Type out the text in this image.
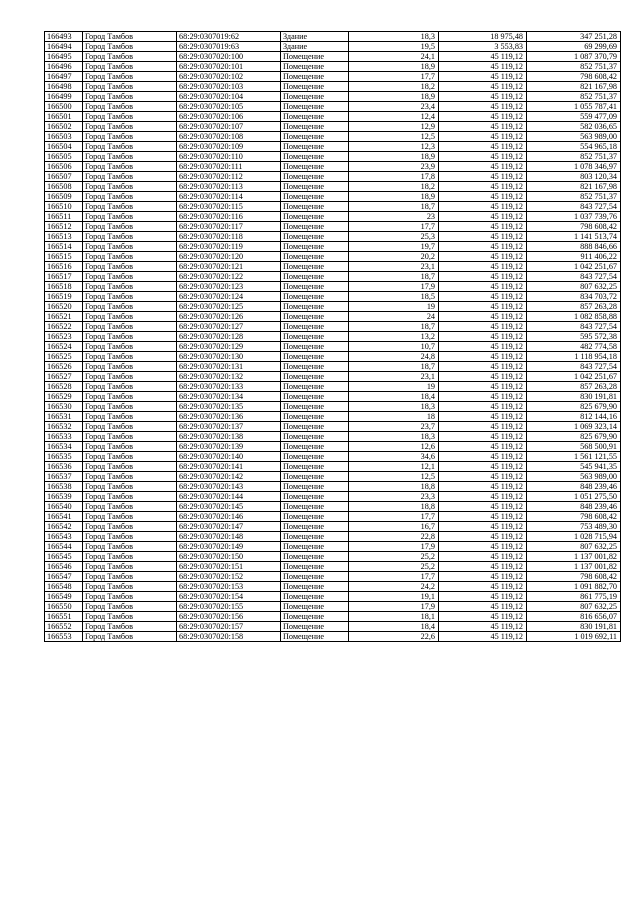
166493	Город Тамбов	68:29:0307019:62	Здание	18,3	18 975,48	347 251,28
166494	Город Тамбов	68:29:0307019:63	Здание	19,5	3 553,83	69 299,69
166495	Город Тамбов	68:29:0307020:100	Помещение	24,1	45 119,12	1 087 370,79
166496	Город Тамбов	68:29:0307020:101	Помещение	18,9	45 119,12	852 751,37
166497	Город Тамбов	68:29:0307020:102	Помещение	17,7	45 119,12	798 608,42
166498	Город Тамбов	68:29:0307020:103	Помещение	18,2	45 119,12	821 167,98
166499	Город Тамбов	68:29:0307020:104	Помещение	18,9	45 119,12	852 751,37
166500	Город Тамбов	68:29:0307020:105	Помещение	23,4	45 119,12	1 055 787,41
166501	Город Тамбов	68:29:0307020:106	Помещение	12,4	45 119,12	559 477,09
166502	Город Тамбов	68:29:0307020:107	Помещение	12,9	45 119,12	582 036,65
166503	Город Тамбов	68:29:0307020:108	Помещение	12,5	45 119,12	563 989,00
166504	Город Тамбов	68:29:0307020:109	Помещение	12,3	45 119,12	554 965,18
166505	Город Тамбов	68:29:0307020:110	Помещение	18,9	45 119,12	852 751,37
166506	Город Тамбов	68:29:0307020:111	Помещение	23,9	45 119,12	1 078 346,97
166507	Город Тамбов	68:29:0307020:112	Помещение	17,8	45 119,12	803 120,34
166508	Город Тамбов	68:29:0307020:113	Помещение	18,2	45 119,12	821 167,98
166509	Город Тамбов	68:29:0307020:114	Помещение	18,9	45 119,12	852 751,37
166510	Город Тамбов	68:29:0307020:115	Помещение	18,7	45 119,12	843 727,54
166511	Город Тамбов	68:29:0307020:116	Помещение	23	45 119,12	1 037 739,76
166512	Город Тамбов	68:29:0307020:117	Помещение	17,7	45 119,12	798 608,42
166513	Город Тамбов	68:29:0307020:118	Помещение	25,3	45 119,12	1 141 513,74
166514	Город Тамбов	68:29:0307020:119	Помещение	19,7	45 119,12	888 846,66
166515	Город Тамбов	68:29:0307020:120	Помещение	20,2	45 119,12	911 406,22
166516	Город Тамбов	68:29:0307020:121	Помещение	23,1	45 119,12	1 042 251,67
166517	Город Тамбов	68:29:0307020:122	Помещение	18,7	45 119,12	843 727,54
166518	Город Тамбов	68:29:0307020:123	Помещение	17,9	45 119,12	807 632,25
166519	Город Тамбов	68:29:0307020:124	Помещение	18,5	45 119,12	834 703,72
166520	Город Тамбов	68:29:0307020:125	Помещение	19	45 119,12	857 263,28
166521	Город Тамбов	68:29:0307020:126	Помещение	24	45 119,12	1 082 858,88
166522	Город Тамбов	68:29:0307020:127	Помещение	18,7	45 119,12	843 727,54
166523	Город Тамбов	68:29:0307020:128	Помещение	13,2	45 119,12	595 572,38
166524	Город Тамбов	68:29:0307020:129	Помещение	10,7	45 119,12	482 774,58
166525	Город Тамбов	68:29:0307020:130	Помещение	24,8	45 119,12	1 118 954,18
166526	Город Тамбов	68:29:0307020:131	Помещение	18,7	45 119,12	843 727,54
166527	Город Тамбов	68:29:0307020:132	Помещение	23,1	45 119,12	1 042 251,67
166528	Город Тамбов	68:29:0307020:133	Помещение	19	45 119,12	857 263,28
166529	Город Тамбов	68:29:0307020:134	Помещение	18,4	45 119,12	830 191,81
166530	Город Тамбов	68:29:0307020:135	Помещение	18,3	45 119,12	825 679,90
166531	Город Тамбов	68:29:0307020:136	Помещение	18	45 119,12	812 144,16
166532	Город Тамбов	68:29:0307020:137	Помещение	23,7	45 119,12	1 069 323,14
166533	Город Тамбов	68:29:0307020:138	Помещение	18,3	45 119,12	825 679,90
166534	Город Тамбов	68:29:0307020:139	Помещение	12,6	45 119,12	568 500,91
166535	Город Тамбов	68:29:0307020:140	Помещение	34,6	45 119,12	1 561 121,55
166536	Город Тамбов	68:29:0307020:141	Помещение	12,1	45 119,12	545 941,35
166537	Город Тамбов	68:29:0307020:142	Помещение	12,5	45 119,12	563 989,00
166538	Город Тамбов	68:29:0307020:143	Помещение	18,8	45 119,12	848 239,46
166539	Город Тамбов	68:29:0307020:144	Помещение	23,3	45 119,12	1 051 275,50
166540	Город Тамбов	68:29:0307020:145	Помещение	18,8	45 119,12	848 239,46
166541	Город Тамбов	68:29:0307020:146	Помещение	17,7	45 119,12	798 608,42
166542	Город Тамбов	68:29:0307020:147	Помещение	16,7	45 119,12	753 489,30
166543	Город Тамбов	68:29:0307020:148	Помещение	22,8	45 119,12	1 028 715,94
166544	Город Тамбов	68:29:0307020:149	Помещение	17,9	45 119,12	807 632,25
166545	Город Тамбов	68:29:0307020:150	Помещение	25,2	45 119,12	1 137 001,82
166546	Город Тамбов	68:29:0307020:151	Помещение	25,2	45 119,12	1 137 001,82
166547	Город Тамбов	68:29:0307020:152	Помещение	17,7	45 119,12	798 608,42
166548	Город Тамбов	68:29:0307020:153	Помещение	24,2	45 119,12	1 091 882,70
166549	Город Тамбов	68:29:0307020:154	Помещение	19,1	45 119,12	861 775,19
166550	Город Тамбов	68:29:0307020:155	Помещение	17,9	45 119,12	807 632,25
166551	Город Тамбов	68:29:0307020:156	Помещение	18,1	45 119,12	816 656,07
166552	Город Тамбов	68:29:0307020:157	Помещение	18,4	45 119,12	830 191,81
166553	Город Тамбов	68:29:0307020:158	Помещение	22,6	45 119,12	1 019 692,11
